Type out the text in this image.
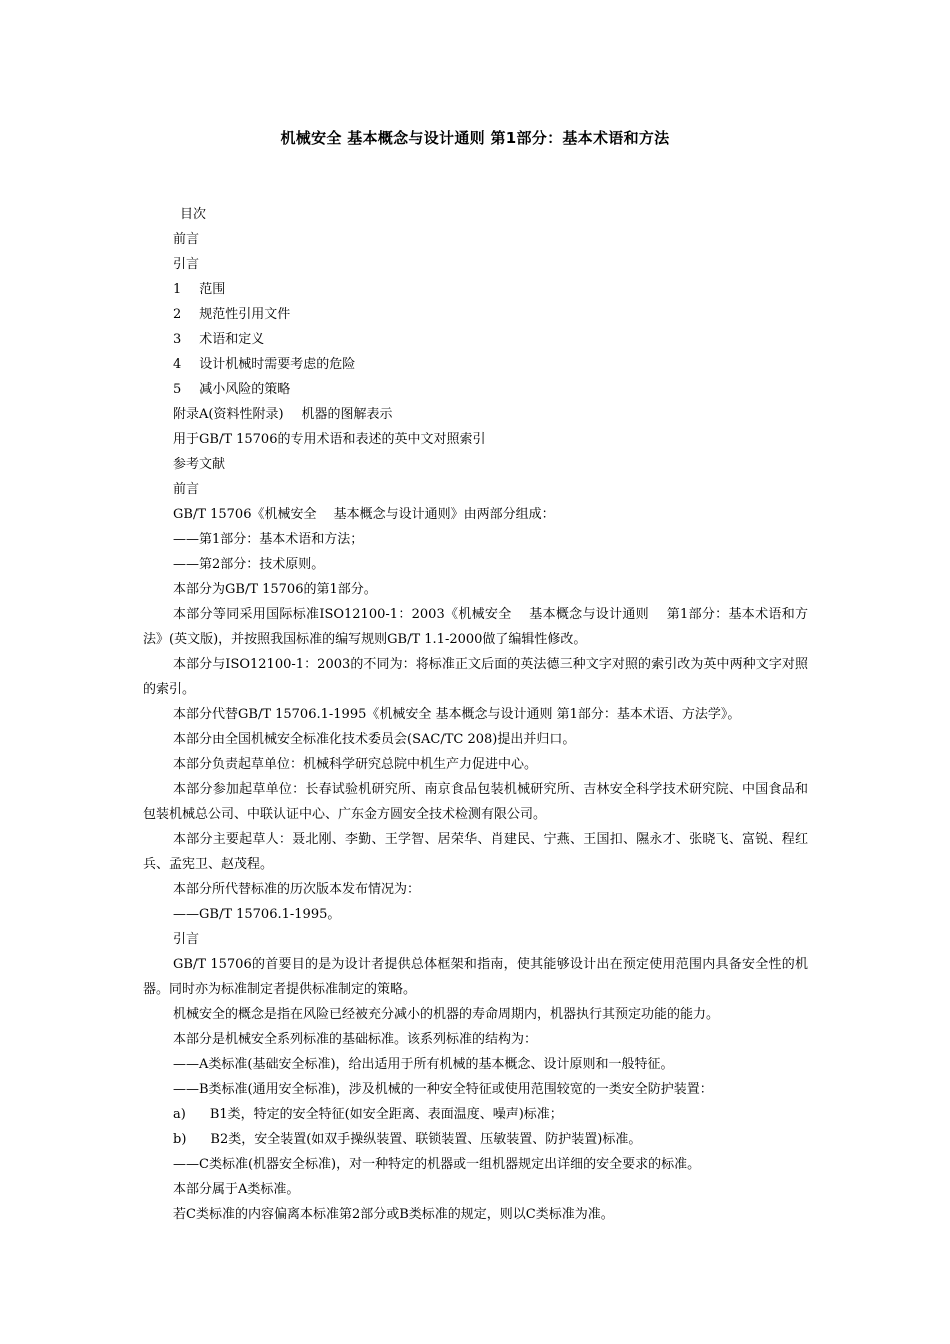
机械安全 基本概念与设计通则 第1部分：基本术语和方法
目次
前言
引言
1 范围
2 规范性引用文件
3 术语和定义
4 设计机械时需要考虑的危险
5 减小风险的策略
附录A(资料性附录) 机器的图解表示
用于GB/T 15706的专用术语和表述的英中文对照索引
参考文献
前言
GB/T 15706《机械安全　 基本概念与设计通则》由两部分组成：
——第1部分：基本术语和方法；
——第2部分：技术原则。
本部分为GB/T 15706的第1部分。
本部分等同采用国际标准ISO12100-1：2003《机械安全　 基本概念与设计通则　 第1部分：基本术语和方法》(英文版)，并按照我国标准的编写规则GB/T 1.1-2000做了编辑性修改。
本部分与ISO12100-1：2003的不同为：将标准正文后面的英法德三种文字对照的索引改为英中两种文字对照的索引。
本部分代替GB/T 15706.1-1995《机械安全 基本概念与设计通则 第1部分：基本术语、方法学》。
本部分由全国机械安全标准化技术委员会(SAC/TC 208)提出并归口。
本部分负责起草单位：机械科学研究总院中机生产力促进中心。
本部分参加起草单位：长春试验机研究所、南京食品包装机械研究所、吉林安全科学技术研究院、中国食品和包装机械总公司、中联认证中心、广东金方圆安全技术检测有限公司。
本部分主要起草人：聂北刚、李勤、王学智、居荣华、肖建民、宁燕、王国扣、隰永才、张晓飞、富锐、程红兵、孟宪卫、赵茂程。
本部分所代替标准的历次版本发布情况为：
——GB/T 15706.1-1995。
引言
GB/T 15706的首要目的是为设计者提供总体框架和指南，使其能够设计出在预定使用范围内具备安全性的机器。同时亦为标准制定者提供标准制定的策略。
机械安全的概念是指在风险已经被充分减小的机器的寿命周期内，机器执行其预定功能的能力。
本部分是机械安全系列标准的基础标准。该系列标准的结构为：
——A类标准(基础安全标准)，给出适用于所有机械的基本概念、设计原则和一般特征。
——B类标准(通用安全标准)，涉及机械的一种安全特征或使用范围较宽的一类安全防护装置：
a) B1类，特定的安全特征(如安全距离、表面温度、噪声)标准；
b) B2类，安全装置(如双手操纵装置、联锁装置、压敏装置、防护装置)标准。
——C类标准(机器安全标准)，对一种特定的机器或一组机器规定出详细的安全要求的标准。
本部分属于A类标准。
若C类标准的内容偏离本标准第2部分或B类标准的规定，则以C类标准为准。
